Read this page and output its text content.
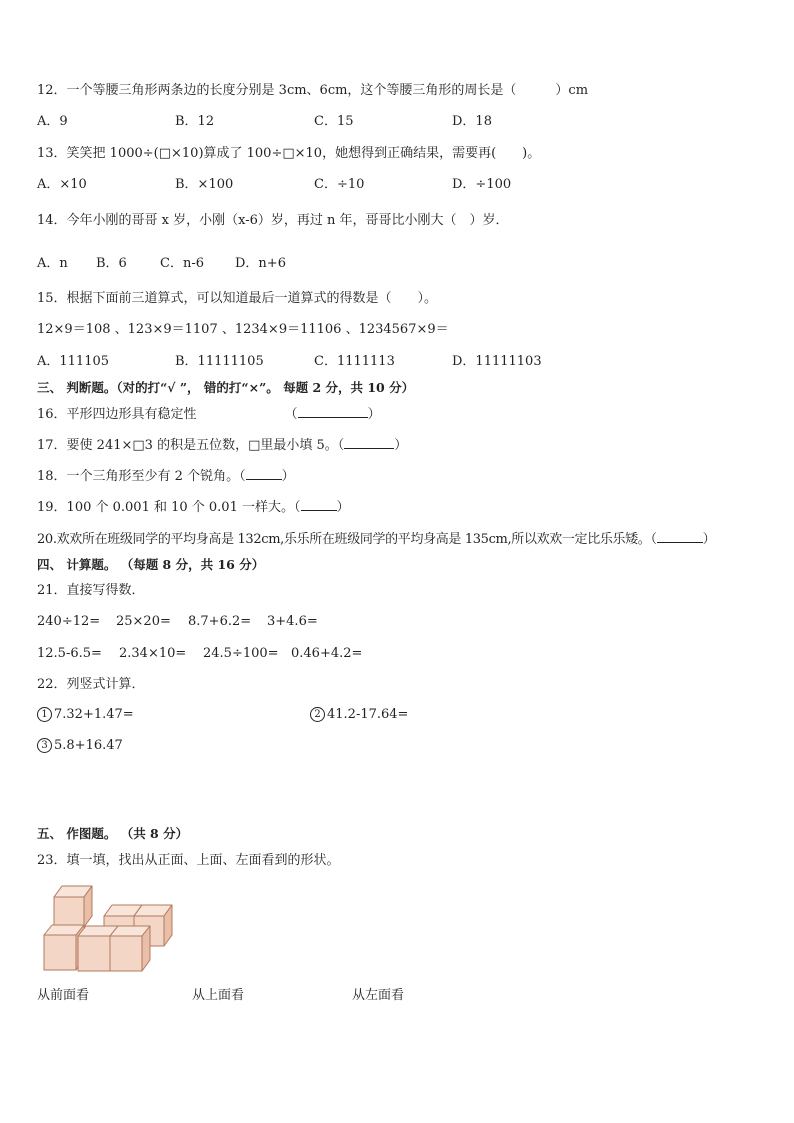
12．一个等腰三角形两条边的长度分别是 3cm、6cm，这个等腰三角形的周长是（　　　）cm
A．9	B．12	C．15	D．18
13．笑笑把 1000÷(□×10)算成了 100÷□×10，她想得到正确结果，需要再(　　)。
A．×10	B．×100	C．÷10	D．÷100
14．今年小刚的哥哥 x 岁，小刚（x-6）岁，再过 n 年，哥哥比小刚大（　）岁．
A．n B．6	C．n-6 D．n+6
15．根据下面前三道算式，可以知道最后一道算式的得数是（　　）。
12×9＝108 、123×9＝1107 、1234×9＝11106 、1234567×9＝
A．111105	B．11111105	C．1111113	D．11111103
三、 判断题。（对的打“√ ”， 错的打“×”。 每题 2 分，共 10 分）
16．平形四边形具有稳定性	（	）
17．要使 241×□3 的积是五位数，□里最小填 5。（	）
18．一个三角形至少有 2 个锐角。（	）
19．100 个 0.001 和 10 个 0.01 一样大。（	）
20.欢欢所在班级同学的平均身高是 132cm,乐乐所在班级同学的平均身高是 135cm,所以欢欢一定比乐乐矮。（	）
四、 计算题。 （每题 8 分，共 16 分）
21．直接写得数．
240÷12= 25×20= 8.7+6.2= 3+4.6=
12.5-6.5= 2.34×10= 24.5÷100= 0.46+4.2=
22．列竖式计算．
1 7.32+1.47=	2 41.2-17.64=
3 5.8+16.47
五、 作图题。 （共 8 分）
23．填一填，找出从正面、上面、左面看到的形状。
从前面看	从上面看	从左面看
